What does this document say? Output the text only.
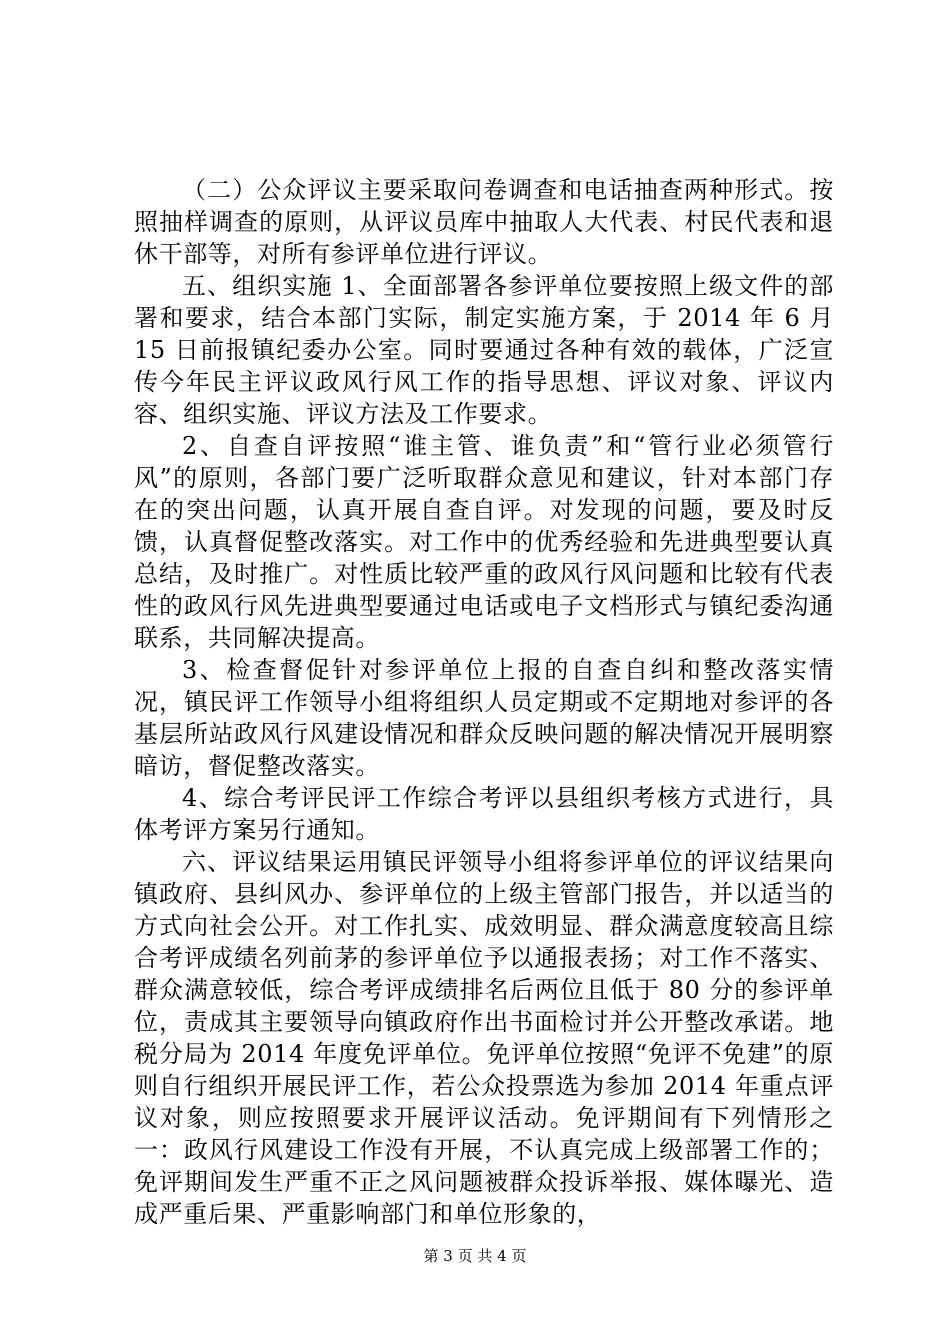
（二）公众评议主要采取问卷调查和电话抽查两种形式。按照抽样调查的原则，从评议员库中抽取人大代表、村民代表和退休干部等，对所有参评单位进行评议。

五、组织实施 1、全面部署各参评单位要按照上级文件的部署和要求，结合本部门实际，制定实施方案，于 2014 年 6 月 15 日前报镇纪委办公室。同时要通过各种有效的载体，广泛宣传今年民主评议政风行风工作的指导思想、评议对象、评议内容、组织实施、评议方法及工作要求。

2、自查自评按照“谁主管、谁负责”和“管行业必须管行风”的原则，各部门要广泛听取群众意见和建议，针对本部门存在的突出问题，认真开展自查自评。对发现的问题，要及时反馈，认真督促整改落实。对工作中的优秀经验和先进典型要认真总结，及时推广。对性质比较严重的政风行风问题和比较有代表性的政风行风先进典型要通过电话或电子文档形式与镇纪委沟通联系，共同解决提高。

3、检查督促针对参评单位上报的自查自纠和整改落实情况，镇民评工作领导小组将组织人员定期或不定期地对参评的各基层所站政风行风建设情况和群众反映问题的解决情况开展明察暗访，督促整改落实。

4、综合考评民评工作综合考评以县组织考核方式进行，具体考评方案另行通知。

六、评议结果运用镇民评领导小组将参评单位的评议结果向镇政府、县纠风办、参评单位的上级主管部门报告，并以适当的方式向社会公开。对工作扎实、成效明显、群众满意度较高且综合考评成绩名列前茅的参评单位予以通报表扬；对工作不落实、群众满意较低，综合考评成绩排名后两位且低于 80 分的参评单位，责成其主要领导向镇政府作出书面检讨并公开整改承诺。地税分局为 2014 年度免评单位。免评单位按照“免评不免建”的原则自行组织开展民评工作，若公众投票选为参加 2014 年重点评议对象，则应按照要求开展评议活动。免评期间有下列情形之一：政风行风建设工作没有开展，不认真完成上级部署工作的；免评期间发生严重不正之风问题被群众投诉举报、媒体曝光、造成严重后果、严重影响部门和单位形象的，

第 3 页 共 4 页
